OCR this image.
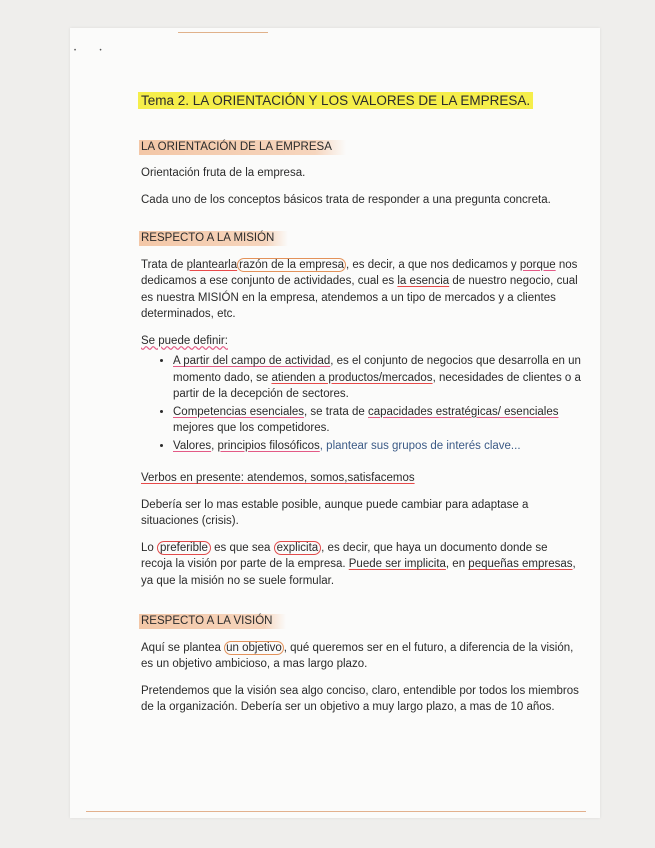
•              •
Tema 2. LA ORIENTACIÓN Y LOS VALORES DE LA EMPRESA.
LA ORIENTACIÓN DE LA EMPRESA

Orientación fruta de la empresa.

Cada uno de los conceptos básicos trata de responder a una pregunta concreta.

RESPECTO A LA MISIÓN

Trata de plantearla razón de la empresa , es decir, a que nos dedicamos y porque nos dedicamos a ese conjunto de actividades, cual es la esencia de nuestro negocio, cual es nuestra MISIÓN en la empresa, atendemos a un tipo de mercados y a clientes determinados, etc.

Se puede definir:

• A partir del campo de actividad, es el conjunto de negocios que desarrolla en un momento dado, se atienden a productos/mercados, necesidades de clientes o a partir de la decepción de sectores.
• Competencias esenciales, se trata de capacidades estratégicas/ esenciales mejores que los competidores.
• Valores, principios filosóficos, plantear sus grupos de interés clave...

Verbos en presente: atendemos, somos,satisfacemos

Debería ser lo mas estable posible, aunque puede cambiar para adaptase a situaciones (crisis).

Lo preferible es que sea explicita , es decir, que haya un documento donde se recoja la visión por parte de la empresa. Puede ser implicita, en pequeñas empresas, ya que la misión no se suele formular.

RESPECTO A LA VISIÓN

Aquí se plantea un objetivo , qué queremos ser en el futuro, a diferencia de la visión, es un objetivo ambicioso, a mas largo plazo.

Pretendemos que la visión sea algo conciso, claro, entendible por todos los miembros de la organización. Debería ser un objetivo a muy largo plazo, a mas de 10 años.
